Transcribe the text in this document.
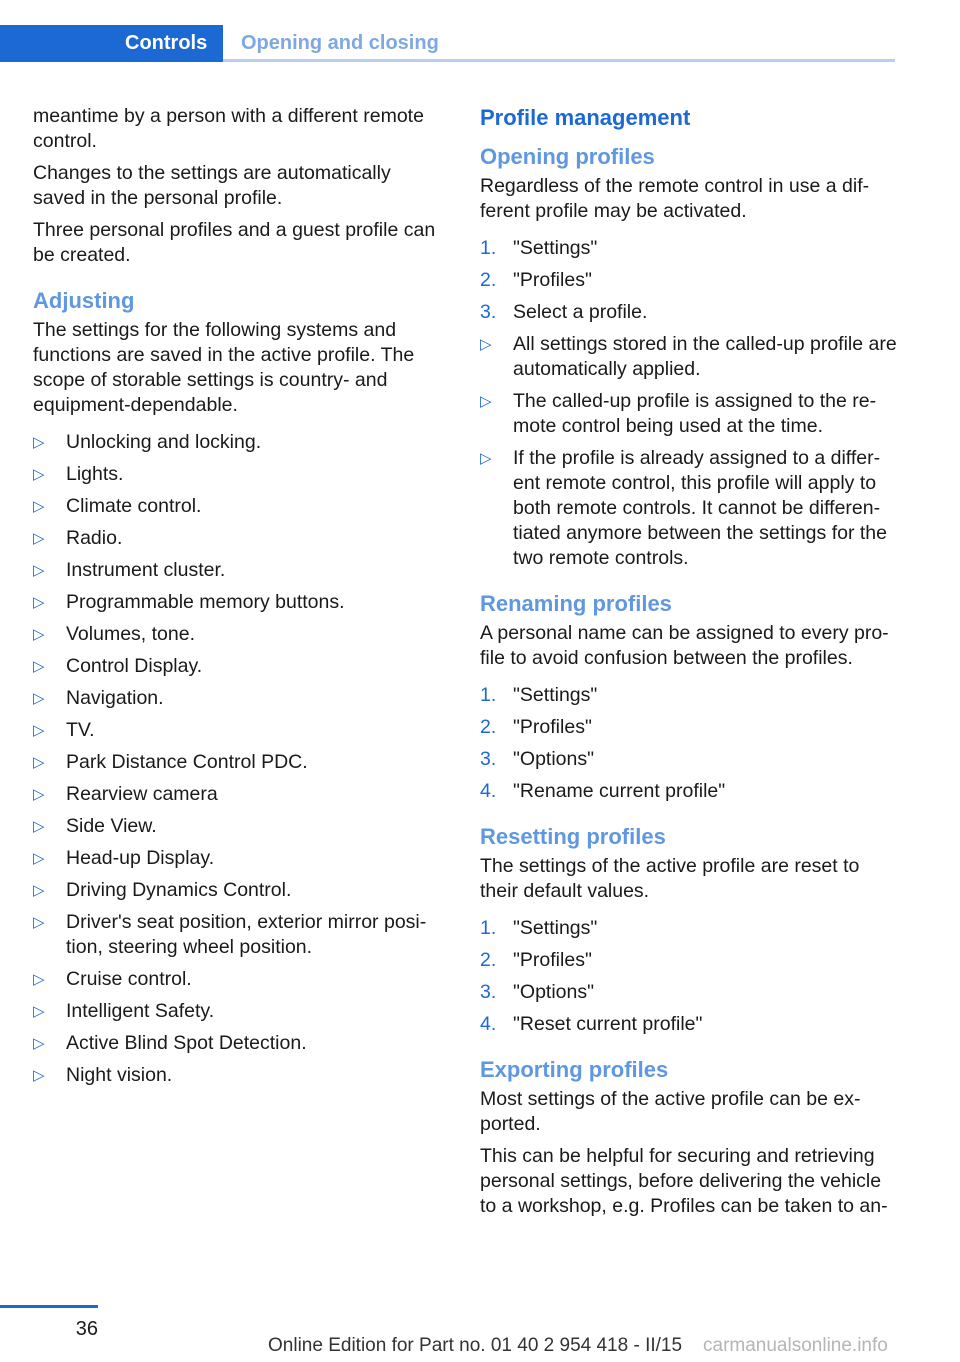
Controls	Opening and closing

meantime by a person with a different remote control.

Changes to the settings are automatically saved in the personal profile.

Three personal profiles and a guest profile can be created.

Adjusting

The settings for the following systems and functions are saved in the active profile. The scope of storable settings is country- and equipment-dependable.

▷ Unlocking and locking.
▷ Lights.
▷ Climate control.
▷ Radio.
▷ Instrument cluster.
▷ Programmable memory buttons.
▷ Volumes, tone.
▷ Control Display.
▷ Navigation.
▷ TV.
▷ Park Distance Control PDC.
▷ Rearview camera
▷ Side View.
▷ Head-up Display.
▷ Driving Dynamics Control.
▷ Driver's seat position, exterior mirror posi‐ tion, steering wheel position.
▷ Cruise control.
▷ Intelligent Safety.
▷ Active Blind Spot Detection.
▷ Night vision.
Profile management
Opening profiles

Regardless of the remote control in use a dif‐ ferent profile may be activated.

1. "Settings"
2. "Profiles"
3. Select a profile.
▷ All settings stored in the called-up profile are automatically applied.
▷ The called-up profile is assigned to the re‐ mote control being used at the time.
▷ If the profile is already assigned to a differ‐ ent remote control, this profile will apply to both remote controls. It cannot be differen‐ tiated anymore between the settings for the two remote controls.
Renaming profiles

A personal name can be assigned to every pro‐ file to avoid confusion between the profiles.

1. "Settings"
2. "Profiles"
3. "Options"
4. "Rename current profile"
Resetting profiles

The settings of the active profile are reset to their default values.

1. "Settings"
2. "Profiles"
3. "Options"
4. "Reset current profile"
Exporting profiles

Most settings of the active profile can be ex‐ ported.

This can be helpful for securing and retrieving personal settings, before delivering the vehicle to a workshop, e.g. Profiles can be taken to an‐

36
Online Edition for Part no. 01 40 2 954 418 - II/15 carmanualsonline.info
